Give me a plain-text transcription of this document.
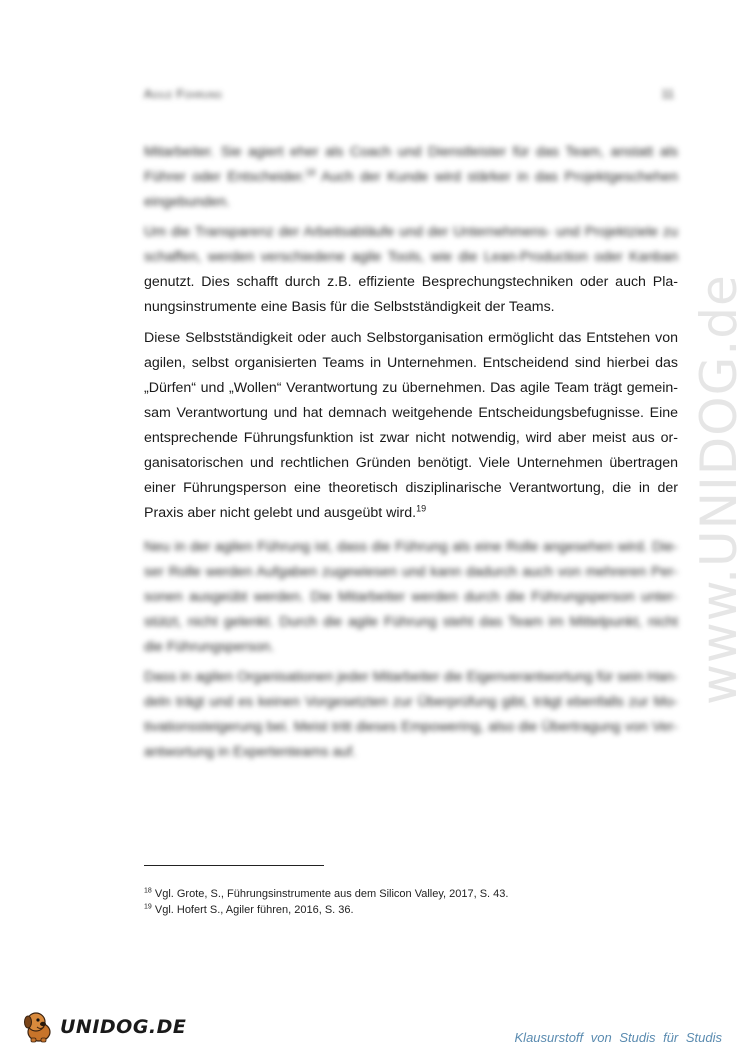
www.UNIDOG.de
Agile Führung	11
Mitarbeiter. Sie agiert eher als Coach und Dienstleister für das Team, anstatt als
Führer oder Entscheider.$^{18}$ Auch der Kunde wird stärker in das Projektgeschehen
eingebunden.
Um die Transparenz der Arbeitsabläufe und der Unternehmens- und Projektziele zu
schaffen, werden verschiedene agile Tools, wie die Lean-Production oder Kanban
genutzt. Dies schafft durch z.B. effiziente Besprechungstechniken oder auch Pla-
nungsinstrumente eine Basis für die Selbstständigkeit der Teams.
Diese Selbstständigkeit oder auch Selbstorganisation ermöglicht das Entstehen von
agilen, selbst organisierten Teams in Unternehmen. Entscheidend sind hierbei das
„Dürfen“ und „Wollen“ Verantwortung zu übernehmen. Das agile Team trägt gemein-
sam Verantwortung und hat demnach weitgehende Entscheidungsbefugnisse. Eine
entsprechende Führungsfunktion ist zwar nicht notwendig, wird aber meist aus or-
ganisatorischen und rechtlichen Gründen benötigt. Viele Unternehmen übertragen
einer Führungsperson eine theoretisch disziplinarische Verantwortung, die in der
Praxis aber nicht gelebt und ausgeübt wird.$^{19}$
Neu in der agilen Führung ist, dass die Führung als eine Rolle angesehen wird. Die-
ser Rolle werden Aufgaben zugewiesen und kann dadurch auch von mehreren Per-
sonen ausgeübt werden. Die Mitarbeiter werden durch die Führungsperson unter-
stützt, nicht gelenkt. Durch die agile Führung steht das Team im Mittelpunkt, nicht
die Führungsperson.
Dass in agilen Organisationen jeder Mitarbeiter die Eigenverantwortung für sein Han-
deln trägt und es keinen Vorgesetzten zur Überprüfung gibt, trägt ebenfalls zur Mo-
tivationssteigerung bei. Meist tritt dieses Empowering, also die Übertragung von Ver-
antwortung in Expertenteams auf.
$^{18}$ Vgl. Grote, S., Führungsinstrumente aus dem Silicon Valley, 2017, S. 43.
$^{19}$ Vgl. Hofert S., Agiler führen, 2016, S. 36.
UNIDOG.DE	Klausurstoff von Studis für Studis
